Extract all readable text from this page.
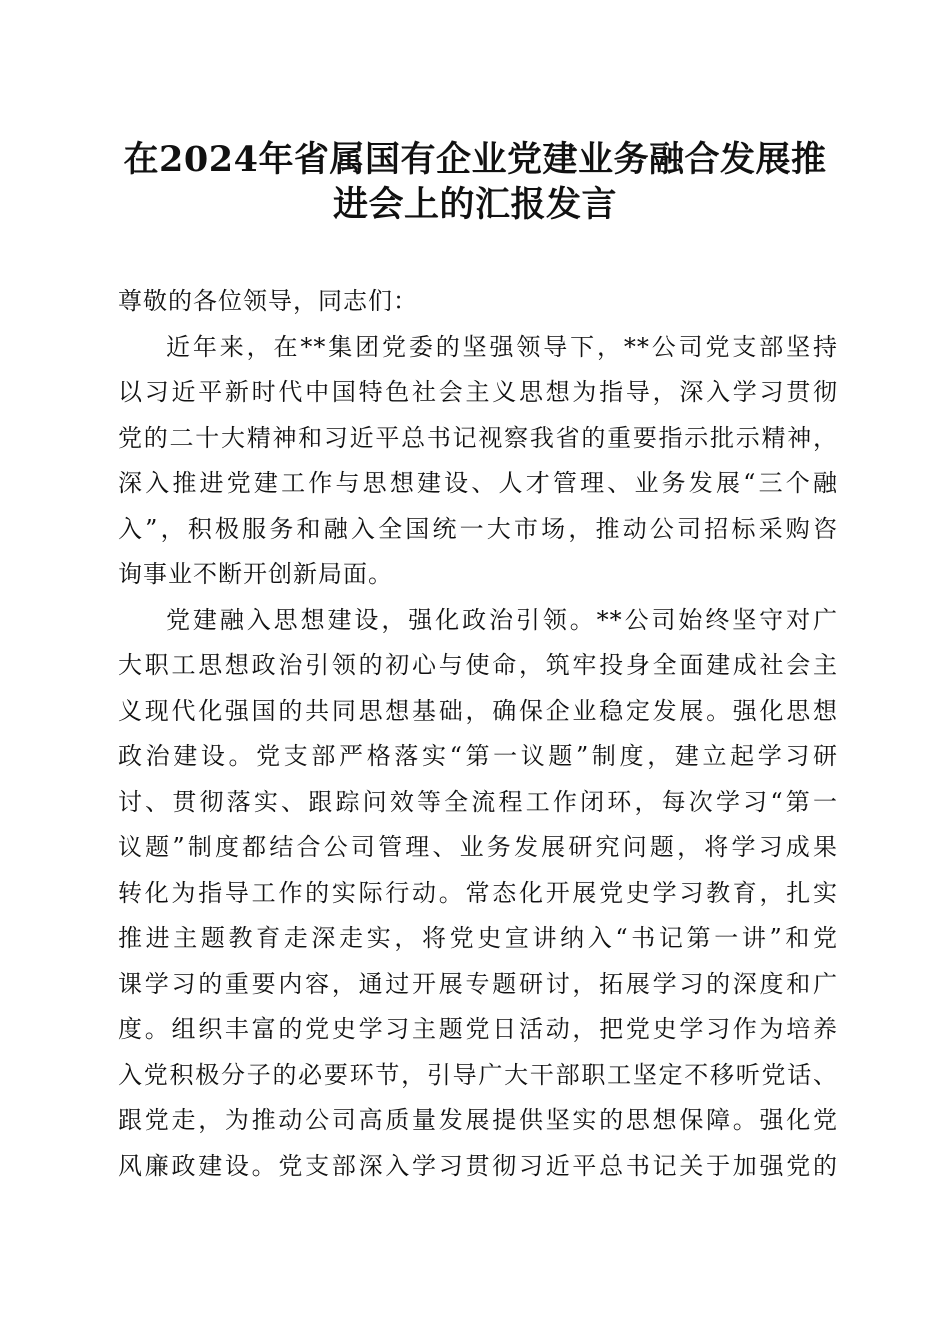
在2024年省属国有企业党建业务融合发展推
进会上的汇报发言
尊敬的各位领导，同志们：

近年来，在**集团党委的坚强领导下，**公司党支部坚持
以习近平新时代中国特色社会主义思想为指导，深入学习贯彻
党的二十大精神和习近平总书记视察我省的重要指示批示精神，
深入推进党建工作与思想建设、人才管理、业务发展“三个融
入”，积极服务和融入全国统一大市场，推动公司招标采购咨
询事业不断开创新局面。

党建融入思想建设，强化政治引领。**公司始终坚守对广
大职工思想政治引领的初心与使命，筑牢投身全面建成社会主
义现代化强国的共同思想基础，确保企业稳定发展。强化思想
政治建设。党支部严格落实“第一议题”制度，建立起学习研
讨、贯彻落实、跟踪问效等全流程工作闭环，每次学习“第一
议题”制度都结合公司管理、业务发展研究问题，将学习成果
转化为指导工作的实际行动。常态化开展党史学习教育，扎实
推进主题教育走深走实，将党史宣讲纳入“书记第一讲”和党
课学习的重要内容，通过开展专题研讨，拓展学习的深度和广
度。组织丰富的党史学习主题党日活动，把党史学习作为培养
入党积极分子的必要环节，引导广大干部职工坚定不移听党话、
跟党走，为推动公司高质量发展提供坚实的思想保障。强化党
风廉政建设。党支部深入学习贯彻习近平总书记关于加强党的
